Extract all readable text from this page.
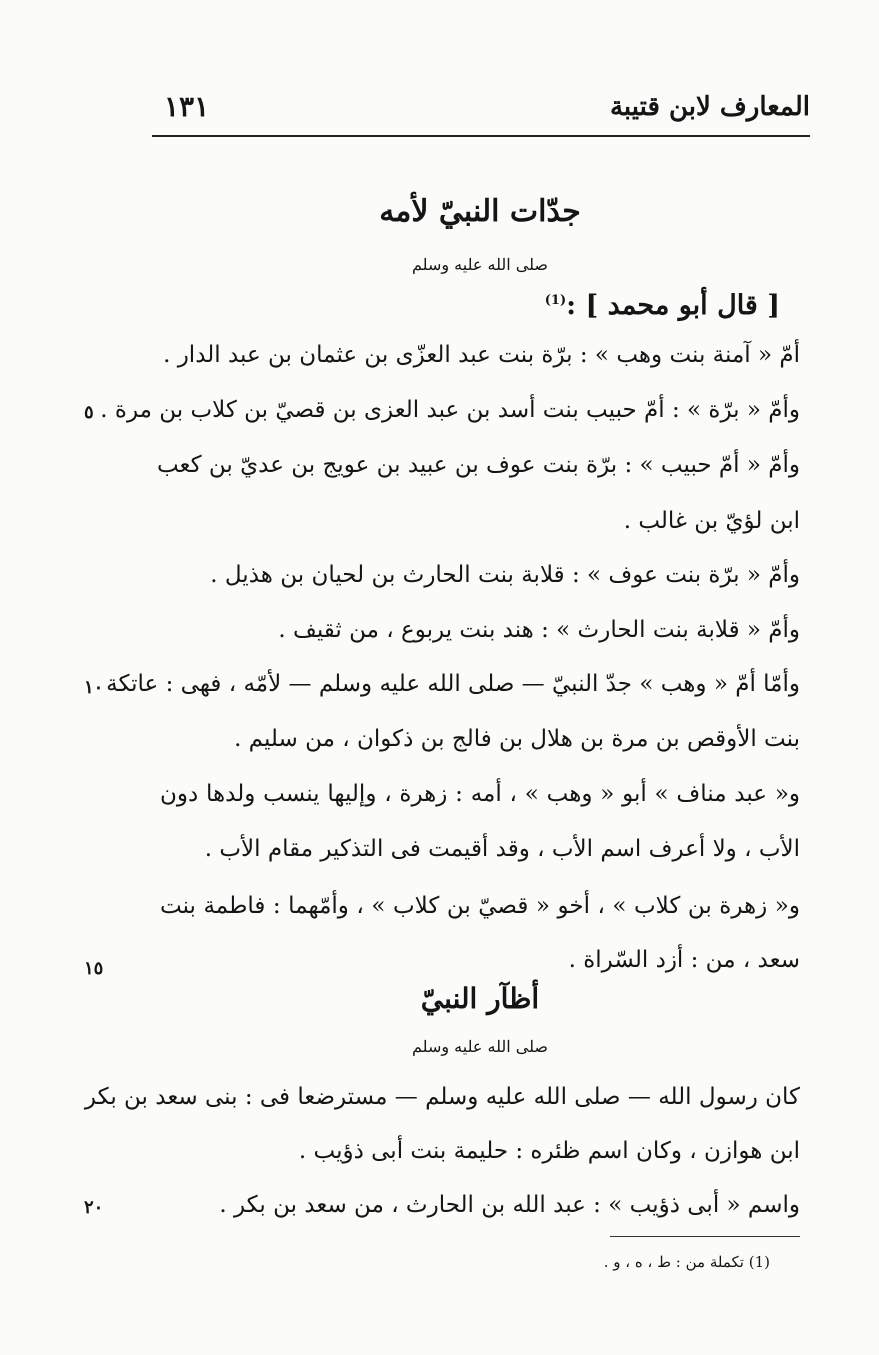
المعارف لابن قتيبة
١٣١
جدّات النبيّ لأمه
صلى الله عليه وسلم
[ قال أبو محمد ] :$^{(1)}$
أمّ « آمنة بنت وهب » : برّة بنت عبد العزّى بن عثمان بن عبد الدار .
وأمّ « برّة » : أمّ حبيب بنت أسد بن عبد العزى بن قصيّ بن كلاب بن مرة .
وأمّ « أمّ حبيب » : برّة بنت عوف بن عبيد بن عويج بن عديّ بن كعب
ابن لؤيّ بن غالب .
وأمّ « برّة بنت عوف » : قلابة بنت الحارث بن لحيان بن هذيل .
وأمّ « قلابة بنت الحارث » : هند بنت يربوع ، من ثقيف .
وأمّا أمّ « وهب » جدّ النبيّ — صلى الله عليه وسلم — لأمّه ، فهى : عاتكة
بنت الأوقص بن مرة بن هلال بن فالج بن ذكوان ، من سليم .
و« عبد مناف » أبو « وهب » ، أمه : زهرة ، وإليها ينسب ولدها دون
الأب ، ولا أعرف اسم الأب ، وقد أقيمت فى التذكير مقام الأب .
و« زهرة بن كلاب » ، أخو « قصيّ بن كلاب » ، وأمّهما : فاطمة بنت
سعد ، من : أزد السّراة .
أظآر النبيّ
صلى الله عليه وسلم
كان رسول الله — صلى الله عليه وسلم — مسترضعا فى : بنى سعد بن بكر
ابن هوازن ، وكان اسم ظئره : حليمة بنت أبى ذؤيب .
واسم « أبى ذؤيب » : عبد الله بن الحارث ، من سعد بن بكر .
٥
١٠
١٥
٢٠
(1) تكملة من : ط ، ه ، و .
